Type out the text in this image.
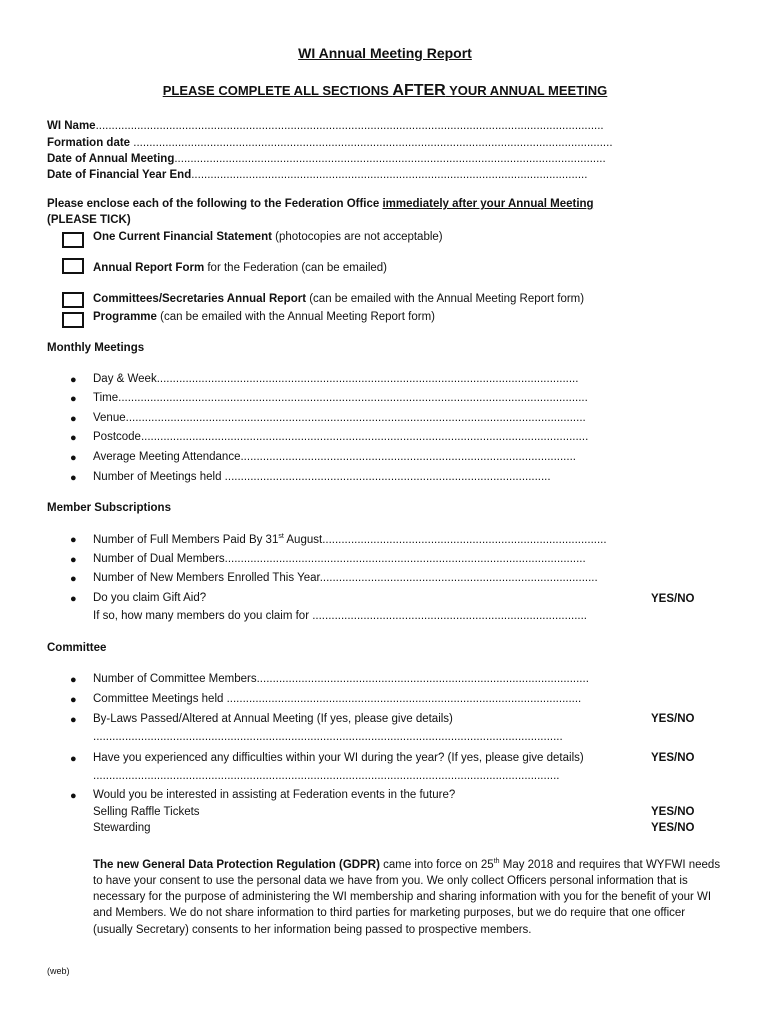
WI Annual Meeting Report
PLEASE COMPLETE ALL SECTIONS AFTER YOUR ANNUAL MEETING
WI Name...............................................................................................................................................................
Formation date ......................................................................................................................................................
Date of Annual Meeting.......................................................................................................................................
Date of Financial Year End............................................................................................................................
Please enclose each of the following to the Federation Office immediately after your Annual Meeting
(PLEASE TICK)
One Current Financial Statement (photocopies are not acceptable)
Annual Report Form for the Federation (can be emailed)
Committees/Secretaries Annual Report (can be emailed with the Annual Meeting Report form)
Programme (can be emailed with the Annual Meeting Report form)
Monthly Meetings
● Day & Week....................................................................................................................................
● Time...................................................................................................................................................
● Venue................................................................................................................................................
● Postcode............................................................................................................................................
● Average Meeting Attendance.........................................................................................................
● Number of Meetings held ......................................................................................................
Member Subscriptions
● Number of Full Members Paid By 31st August.........................................................................................
● Number of Dual Members.................................................................................................................
● Number of New Members Enrolled This Year.......................................................................................
● Do you claim Gift Aid?	YES/NO
If so, how many members do you claim for ......................................................................................
Committee
● Number of Committee Members........................................................................................................
● Committee Meetings held ...............................................................................................................
● By-Laws Passed/Altered at Annual Meeting (If yes, please give details)	YES/NO
...................................................................................................................................................
● Have you experienced any difficulties within your WI during the year? (If yes, please give details)	YES/NO
..................................................................................................................................................
● Would you be interested in assisting at Federation events in the future?
Selling Raffle Tickets	YES/NO
Stewarding	YES/NO
The new General Data Protection Regulation (GDPR) came into force on 25th May 2018 and requires that WYFWI needs to have your consent to use the personal data we have from you. We only collect Officers personal information that is necessary for the purpose of administering the WI membership and sharing information with you for the benefit of your WI and Members. We do not share information to third parties for marketing purposes, but we do require that one officer (usually Secretary) consents to her information being passed to prospective members.
(web)
